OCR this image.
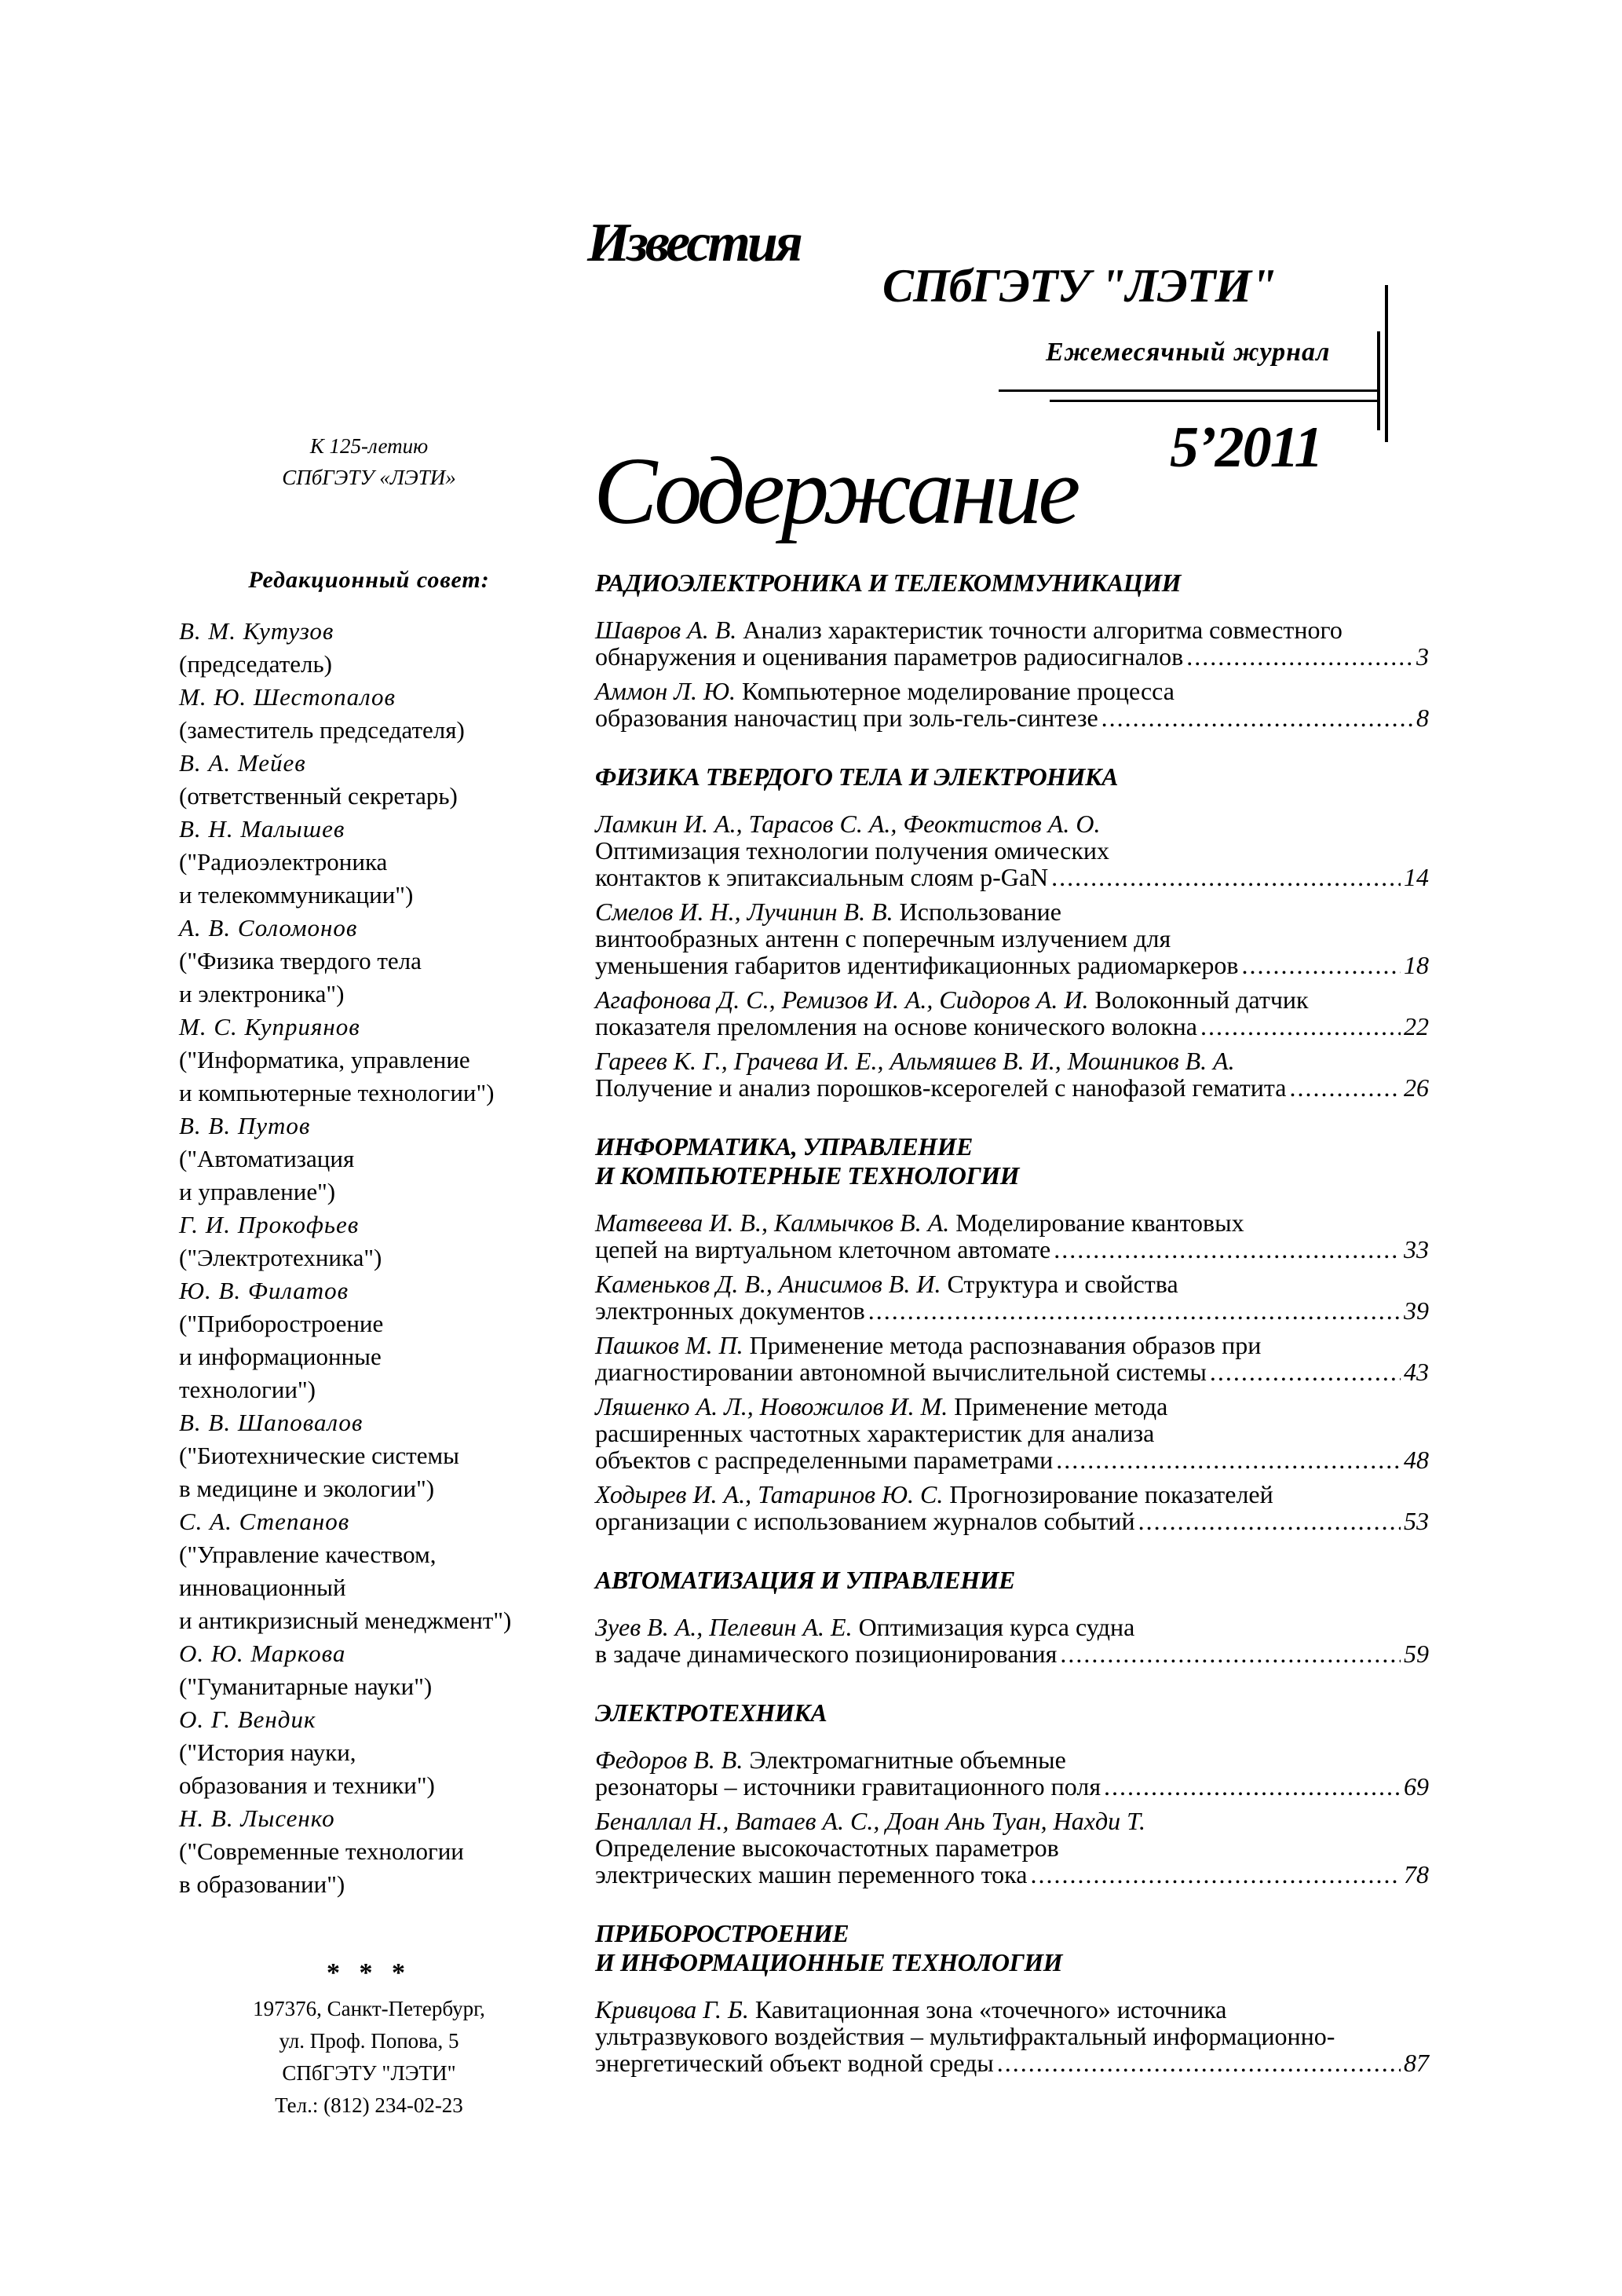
Известия
СПбГЭТУ "ЛЭТИ"
Ежемесячный журнал
5’2011
Содержание
К 125-летию
СПбГЭТУ «ЛЭТИ»
Редакционный совет:
В. М. Кутузов
(председатель)
М. Ю. Шестопалов
(заместитель председателя)
В. А. Мейев
(ответственный секретарь)
В. Н. Малышев
("Радиоэлектроника
и телекоммуникации")
А. В. Соломонов
("Физика твердого тела
и электроника")
М. С. Куприянов
("Информатика, управление
и компьютерные технологии")
В. В. Путов
("Автоматизация
и управление")
Г. И. Прокофьев
("Электротехника")
Ю. В. Филатов
("Приборостроение
и информационные
технологии")
В. В. Шаповалов
("Биотехнические системы
в медицине и экологии")
С. А. Степанов
("Управление качеством,
инновационный
и антикризисный менеджмент")
О. Ю. Маркова
("Гуманитарные науки")
О. Г. Вендик
("История науки,
образования и техники")
Н. В. Лысенко
("Современные технологии
в образовании")
* * *
197376, Санкт-Петербург,
ул. Проф. Попова, 5
СПбГЭТУ "ЛЭТИ"
Тел.: (812) 234-02-23
РАДИОЭЛЕКТРОНИКА И ТЕЛЕКОММУНИКАЦИИ
Шавров А. В. Анализ характеристик точности алгоритма совместного
обнаружения и оценивания параметров радиосигналов .....	3
Аммон Л. Ю. Компьютерное моделирование процесса
образования наночастиц при золь-гель-синтезе .....	8
ФИЗИКА ТВЕРДОГО ТЕЛА И ЭЛЕКТРОНИКА
Ламкин И. А., Тарасов С. А., Феоктистов А. О.
Оптимизация технологии получения омических
контактов к эпитаксиальным слоям p-GaN .....	14
Смелов И. Н., Лучинин В. В. Использование
винтообразных антенн с поперечным излучением для
уменьшения габаритов идентификационных радиомаркеров .....	18
Агафонова Д. С., Ремизов И. А., Сидоров А. И. Волоконный датчик
показателя преломления на основе конического волокна .....	22
Гареев К. Г., Грачева И. Е., Альмяшев В. И., Мошников В. А.
Получение и анализ порошков-ксерогелей с нанофазой гематита .....	26
ИНФОРМАТИКА, УПРАВЛЕНИЕ
И КОМПЬЮТЕРНЫЕ ТЕХНОЛОГИИ
Матвеева И. В., Калмычков В. А. Моделирование квантовых
цепей на виртуальном клеточном автомате .....	33
Каменьков Д. В., Анисимов В. И. Структура и свойства
электронных документов .....	39
Пашков М. П. Применение метода распознавания образов при
диагностировании автономной вычислительной системы .....	43
Ляшенко А. Л., Новожилов И. М. Применение метода
расширенных частотных характеристик для анализа
объектов с распределенными параметрами .....	48
Ходырев И. А., Татаринов Ю. С. Прогнозирование показателей
организации с использованием журналов событий .....	53
АВТОМАТИЗАЦИЯ И УПРАВЛЕНИЕ
Зуев В. А., Пелевин А. Е. Оптимизация курса судна
в задаче динамического позиционирования .....	59
ЭЛЕКТРОТЕХНИКА
Федоров В. В. Электромагнитные объемные
резонаторы – источники гравитационного поля .....	69
Беналлал Н., Ватаев А. С., Доан Ань Туан, Нахди Т.
Определение высокочастотных параметров
электрических машин переменного тока .....	78
ПРИБОРОСТРОЕНИЕ
И ИНФОРМАЦИОННЫЕ ТЕХНОЛОГИИ
Кривцова Г. Б. Кавитационная зона «точечного» источника
ультразвукового воздействия – мультифрактальный информационно-
энергетический объект водной среды .....	87
